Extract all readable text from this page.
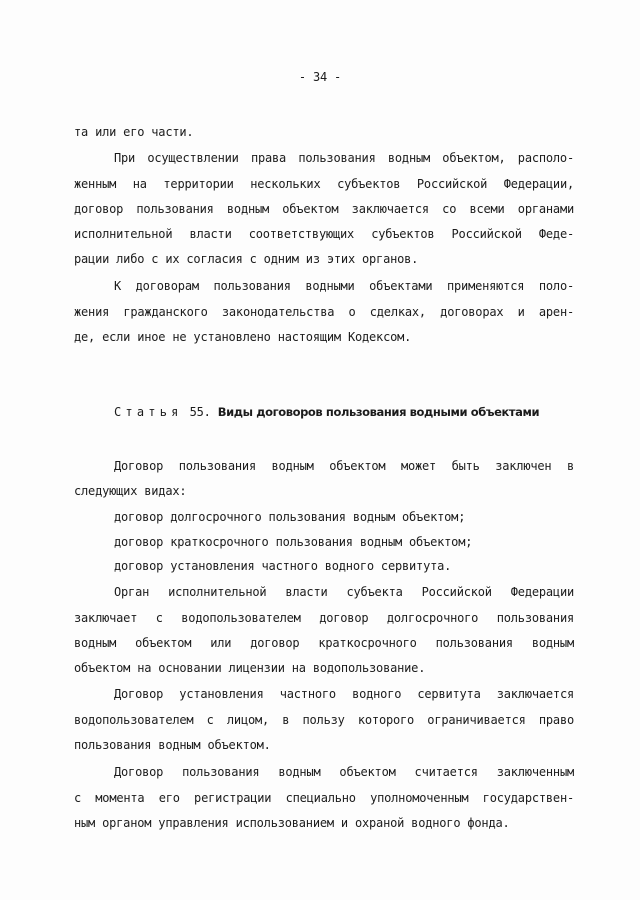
- 34 -
та или его части.
При осуществлении права пользования водным объектом, располо-
женным на территории нескольких субъектов Российской Федерации,
договор пользования водным объектом заключается со всеми органами
исполнительной власти соответствующих субъектов Российской Феде-
рации либо с их согласия с одним из этих органов.
К договорам пользования водными объектами применяются поло-
жения гражданского законодательства о сделках, договорах и арен-
де, если иное не установлено настоящим Кодексом.
Статья 55. Виды договоров пользования водными объектами
Договор пользования водным объектом может быть заключен в
следующих видах:
договор долгосрочного пользования водным объектом;
договор краткосрочного пользования водным объектом;
договор установления частного водного сервитута.
Орган исполнительной власти субъекта Российской Федерации
заключает с водопользователем договор долгосрочного пользования
водным объектом или договор краткосрочного пользования водным
объектом на основании лицензии на водопользование.
Договор установления частного водного сервитута заключается
водопользователем с лицом, в пользу которого ограничивается право
пользования водным объектом.
Договор пользования водным объектом считается заключенным
с момента его регистрации специально уполномоченным государствен-
ным органом управления использованием и охраной водного фонда.
